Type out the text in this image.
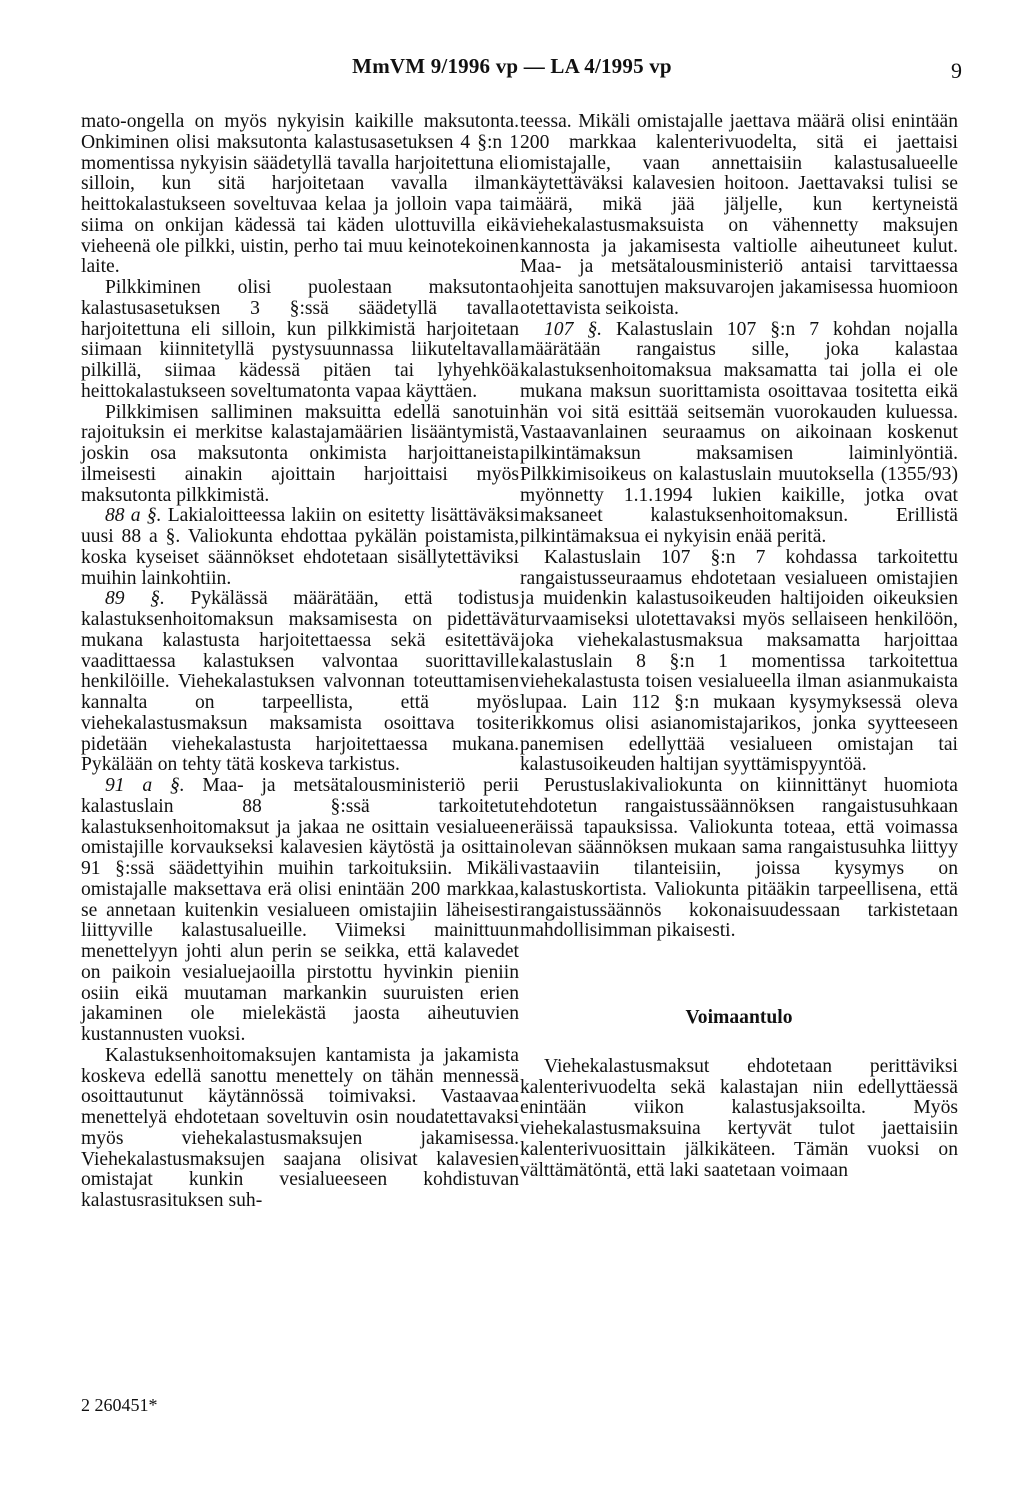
MmVM 9/1996 vp — LA 4/1995 vp	9

mato-ongella on myös nykyisin kaikille maksutonta. Onkiminen olisi maksutonta kalastusasetuksen 4 §:n 1 momentissa nykyisin säädetyllä tavalla harjoitettuna eli silloin, kun sitä harjoitetaan vavalla ilman heittokalastukseen soveltuvaa kelaa ja jolloin vapa tai siima on onkijan kädessä tai käden ulottuvilla eikä vieheenä ole pilkki, uistin, perho tai muu keinotekoinen laite.

Pilkkiminen olisi puolestaan maksutonta kalastusasetuksen 3 §:ssä säädetyllä tavalla harjoitettuna eli silloin, kun pilkkimistä harjoitetaan siimaan kiinnitetyllä pystysuunnassa liikuteltavalla pilkillä, siimaa kädessä pitäen tai lyhyehköä heittokalastukseen soveltumatonta vapaa käyttäen.

Pilkkimisen salliminen maksuitta edellä sanotuin rajoituksin ei merkitse kalastajamäärien lisääntymistä, joskin osa maksutonta onkimista harjoittaneista ilmeisesti ainakin ajoittain harjoittaisi myös maksutonta pilkkimistä.

88 a §. Lakialoitteessa lakiin on esitetty lisättäväksi uusi 88 a §. Valiokunta ehdottaa pykälän poistamista, koska kyseiset säännökset ehdotetaan sisällytettäviksi muihin lainkohtiin.

89 §. Pykälässä määrätään, että todistus kalastuksenhoitomaksun maksamisesta on pidettävä mukana kalastusta harjoitettaessa sekä esitettävä vaadittaessa kalastuksen valvontaa suorittaville henkilöille. Viehekalastuksen valvonnan toteuttamisen kannalta on tarpeellista, että myös viehekalastusmaksun maksamista osoittava tosite pidetään viehekalastusta harjoitettaessa mukana. Pykälään on tehty tätä koskeva tarkistus.

91 a §. Maa- ja metsätalousministeriö perii kalastuslain 88 §:ssä tarkoitetut kalastuksenhoitomaksut ja jakaa ne osittain vesialueen omistajille korvaukseksi kalavesien käytöstä ja osittain 91 §:ssä säädettyihin muihin tarkoituksiin. Mikäli omistajalle maksettava erä olisi enintään 200 markkaa, se annetaan kuitenkin vesialueen omistajiin läheisesti liittyville kalastusalueille. Viimeksi mainittuun menettelyyn johti alun perin se seikka, että kalavedet on paikoin vesialuejaoilla pirstottu hyvinkin pieniin osiin eikä muutaman markankin suuruisten erien jakaminen ole mielekästä jaosta aiheutuvien kustannusten vuoksi.

Kalastuksenhoitomaksujen kantamista ja jakamista koskeva edellä sanottu menettely on tähän mennessä osoittautunut käytännössä toimivaksi. Vastaavaa menettelyä ehdotetaan soveltuvin osin noudatettavaksi myös viehekalastusmaksujen jakamisessa. Viehekalastusmaksujen saajana olisivat kalavesien omistajat kunkin vesialueeseen kohdistuvan kalastusrasituksen suh-

teessa. Mikäli omistajalle jaettava määrä olisi enintään 200 markkaa kalenterivuodelta, sitä ei jaettaisi omistajalle, vaan annettaisiin kalastusalueelle käytettäväksi kalavesien hoitoon. Jaettavaksi tulisi se määrä, mikä jää jäljelle, kun kertyneistä viehekalastusmaksuista on vähennetty maksujen kannosta ja jakamisesta valtiolle aiheutuneet kulut. Maa- ja metsätalousministeriö antaisi tarvittaessa ohjeita sanottujen maksuvarojen jakamisessa huomioon otettavista seikoista.

107 §. Kalastuslain 107 §:n 7 kohdan nojalla määrätään rangaistus sille, joka kalastaa kalastuksenhoitomaksua maksamatta tai jolla ei ole mukana maksun suorittamista osoittavaa tositetta eikä hän voi sitä esittää seitsemän vuorokauden kuluessa. Vastaavanlainen seuraamus on aikoinaan koskenut pilkintämaksun maksamisen laiminlyöntiä. Pilkkimisoikeus on kalastuslain muutoksella (1355/93) myönnetty 1.1.1994 lukien kaikille, jotka ovat maksaneet kalastuksenhoitomaksun. Erillistä pilkintämaksua ei nykyisin enää peritä.

Kalastuslain 107 §:n 7 kohdassa tarkoitettu rangaistusseuraamus ehdotetaan vesialueen omistajien ja muidenkin kalastusoikeuden haltijoiden oikeuksien turvaamiseksi ulotettavaksi myös sellaiseen henkilöön, joka viehekalastusmaksua maksamatta harjoittaa kalastuslain 8 §:n 1 momentissa tarkoitettua viehekalastusta toisen vesialueella ilman asianmukaista lupaa. Lain 112 §:n mukaan kysymyksessä oleva rikkomus olisi asianomistajarikos, jonka syytteeseen panemisen edellyttää vesialueen omistajan tai kalastusoikeuden haltijan syyttämispyyntöä.

Perustuslakivaliokunta on kiinnittänyt huomiota ehdotetun rangaistussäännöksen rangaistusuhkaan eräissä tapauksissa. Valiokunta toteaa, että voimassa olevan säännöksen mukaan sama rangaistusuhka liittyy vastaaviin tilanteisiin, joissa kysymys on kalastuskortista. Valiokunta pitääkin tarpeellisena, että rangaistussäännös kokonaisuudessaan tarkistetaan mahdollisimman pikaisesti.

Voimaantulo

Viehekalastusmaksut ehdotetaan perittäviksi kalenterivuodelta sekä kalastajan niin edellyttäessä enintään viikon kalastusjaksoilta. Myös viehekalastusmaksuina kertyvät tulot jaettaisiin kalenterivuosittain jälkikäteen. Tämän vuoksi on välttämätöntä, että laki saatetaan voimaan

2 260451*
